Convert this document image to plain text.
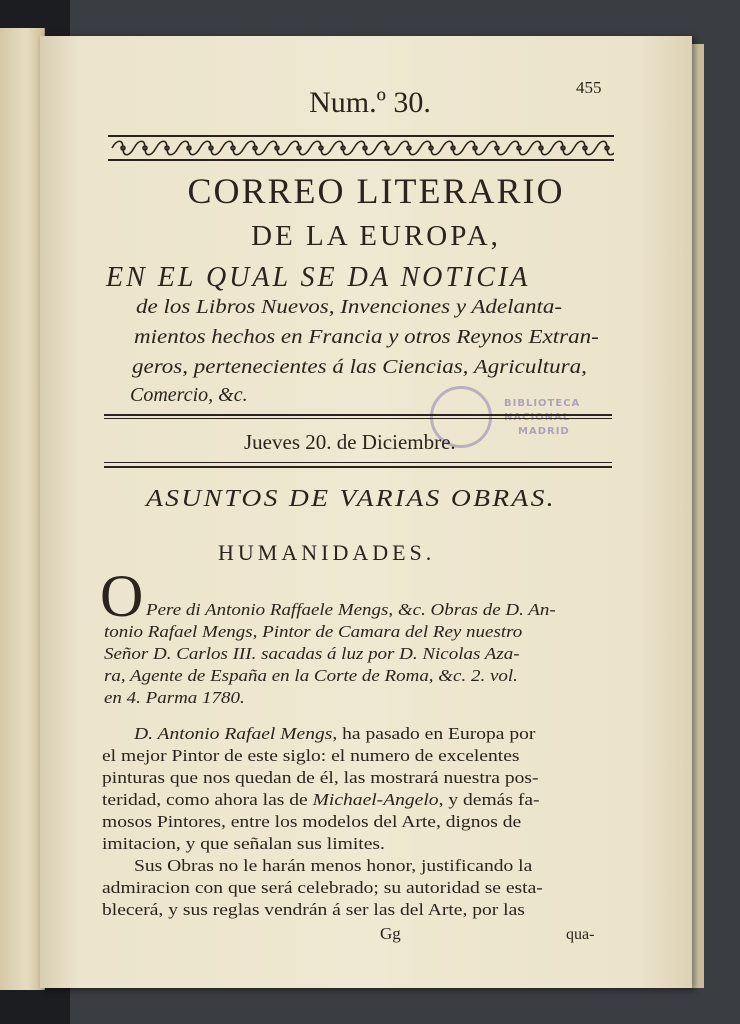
455
Num.º 30.
CORREO LITERARIO
DE LA EUROPA,
EN EL QUAL SE DA NOTICIA
de los Libros Nuevos, Invenciones y Adelanta-
mientos hechos en Francia y otros Reynos Extran-
geros, pertenecientes á las Ciencias, Agricultura,
Comercio, &c.	BIBLIOTECA
MADRID
Jueves 20. de Diciembre.
ASUNTOS DE VARIAS OBRAS.
HUMANIDADES.
O Pere di Antonio Raffaele Mengs, &c. Obras de D. An-
tonio Rafael Mengs, Pintor de Camara del Rey nuestro
Señor D. Carlos III. sacadas á luz por D. Nicolas Aza-
ra, Agente de España en la Corte de Roma, &c. 2. vol.
en 4. Parma 1780.
D. Antonio Rafael Mengs, ha pasado en Europa por
el mejor Pintor de este siglo: el numero de excelentes
pinturas que nos quedan de él, las mostrará nuestra pos-
teridad, como ahora las de Michael-Angelo, y demás fa-
mosos Pintores, entre los modelos del Arte, dignos de
imitacion, y que señalan sus limites.
Sus Obras no le harán menos honor, justificando la
admiracion con que será celebrado; su autoridad se esta-
blecerá, y sus reglas vendrán á ser las del Arte, por las
Gg	qua-
